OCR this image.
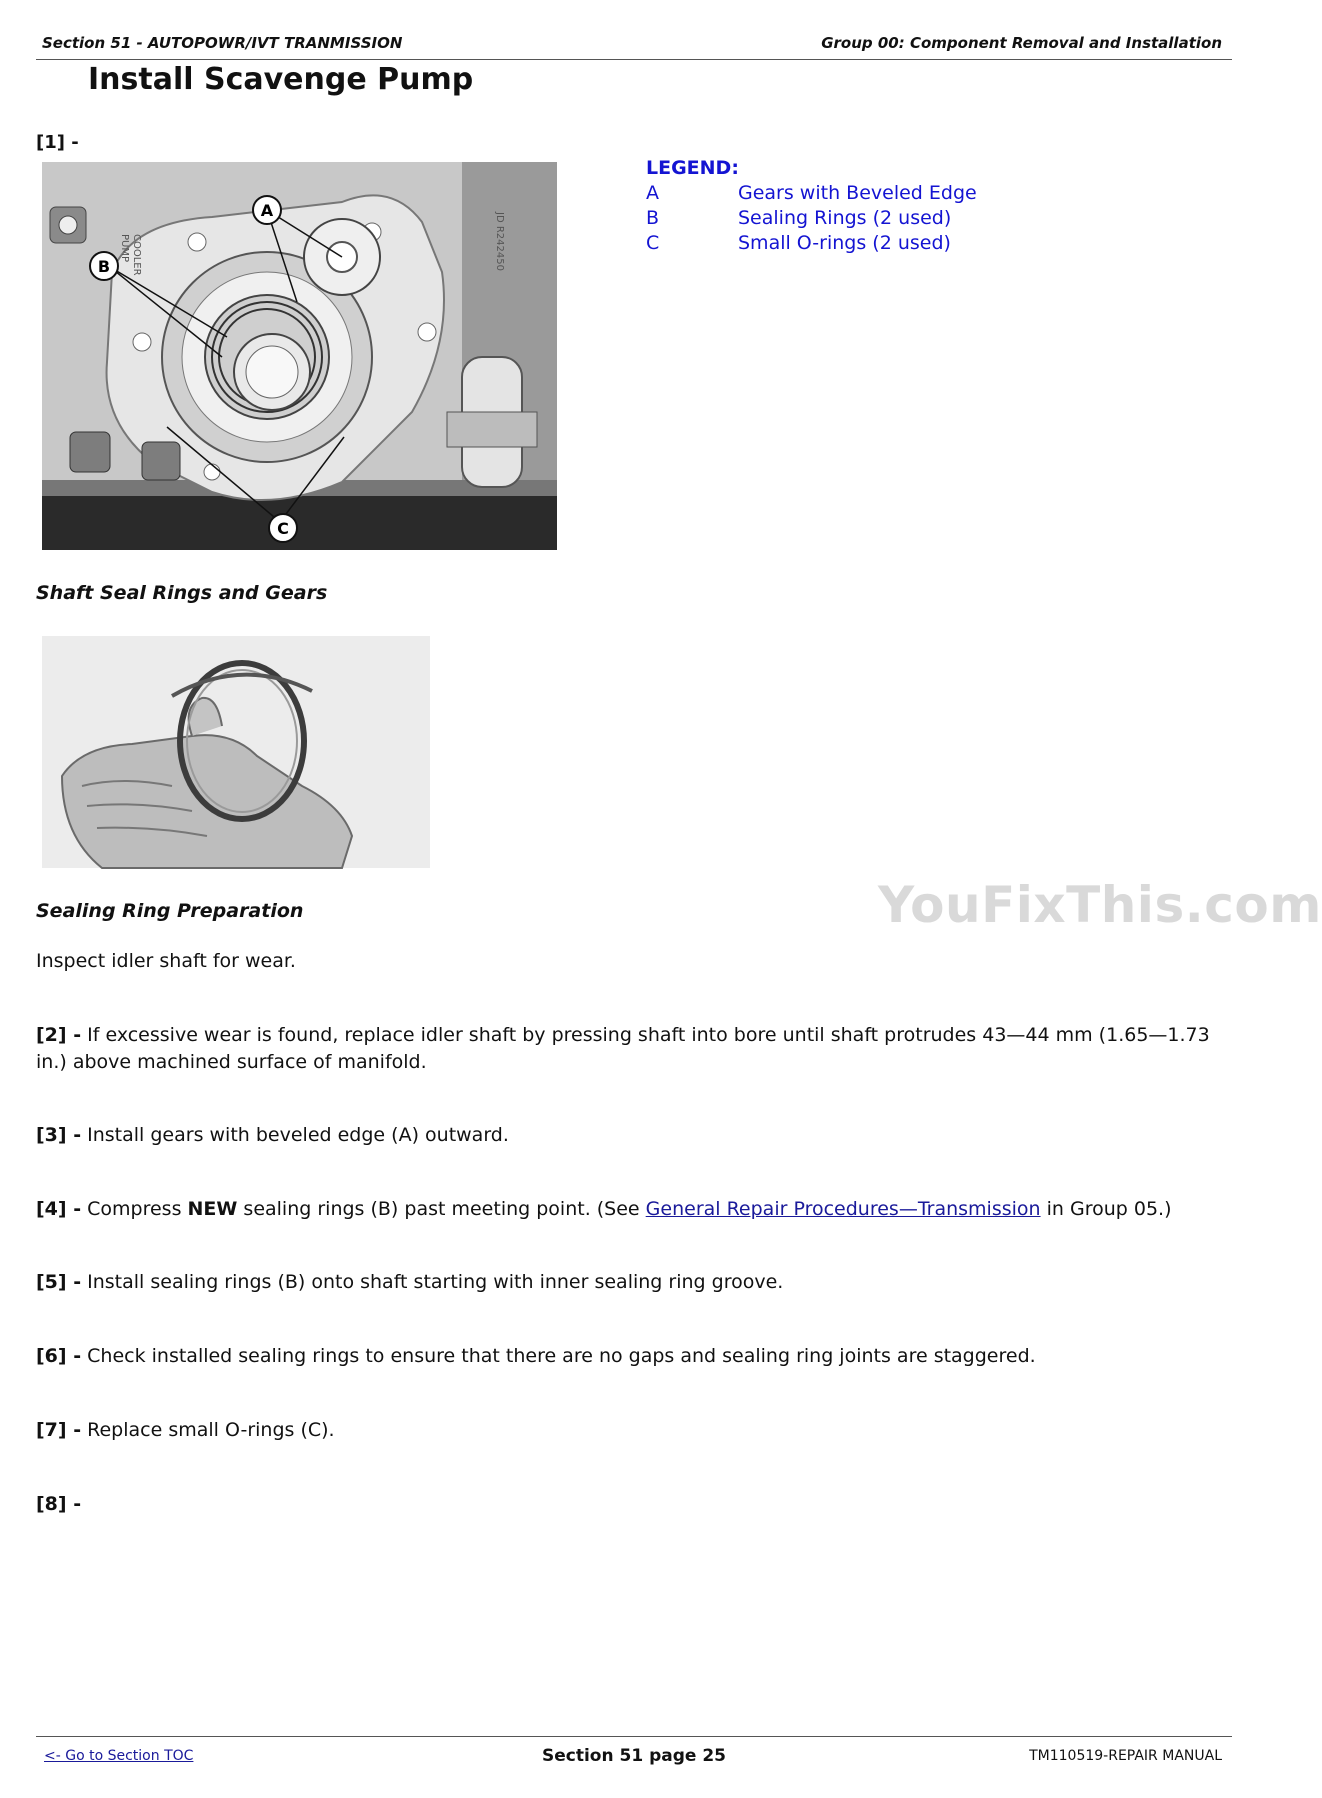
Section 51 - AUTOPOWR/IVT TRANMISSION	Group 00: Component Removal and Installation
Install Scavenge Pump
[1] -
COOLER
PUMP	JD R242450
A
B
C
Shaft Seal Rings and Gears
LEGEND:
A	Gears with Beveled Edge
B	Sealing Rings (2 used)
C	Small O-rings (2 used)
Sealing Ring Preparation	YouFixThis.com

Inspect idler shaft for wear.

[2] - If excessive wear is found, replace idler shaft by pressing shaft into bore until shaft protrudes 43—44 mm (1.65—1.73 in.) above machined surface of manifold.

[3] - Install gears with beveled edge (A) outward.

[4] - Compress NEW sealing rings (B) past meeting point. (See General Repair Procedures—Transmission in Group 05.)

[5] - Install sealing rings (B) onto shaft starting with inner sealing ring groove.

[6] - Check installed sealing rings to ensure that there are no gaps and sealing ring joints are staggered.

[7] - Replace small O-rings (C).

[8] -

<- Go to Section TOC	Section 51 page 25	TM110519-REPAIR MANUAL
